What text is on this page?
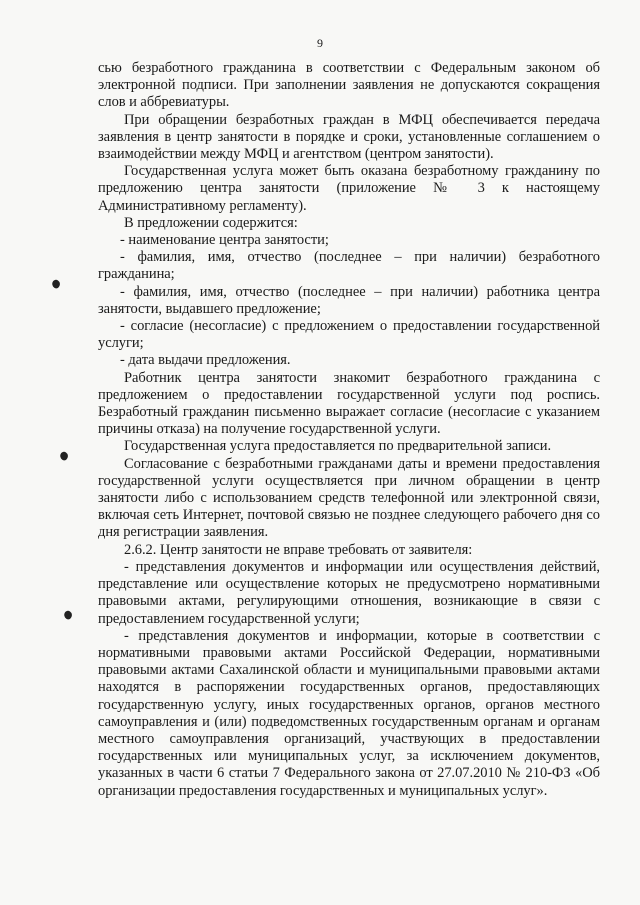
9

сью безработного гражданина в соответствии с Федеральным законом об электронной подписи. При заполнении заявления не допускаются сокращения слов и аббревиатуры.

При обращении безработных граждан в МФЦ обеспечивается передача заявления в центр занятости в порядке и сроки, установленные соглашением о взаимодействии между МФЦ и агентством (центром занятости).

Государственная услуга может быть оказана безработному гражданину по предложению центра занятости (приложение № 3 к настоящему Административному регламенту).

В предложении содержится:

- наименование центра занятости;

- фамилия, имя, отчество (последнее – при наличии) безработного гражданина;

- фамилия, имя, отчество (последнее – при наличии) работника центра занятости, выдавшего предложение;

- согласие (несогласие) с предложением о предоставлении государственной услуги;

- дата выдачи предложения.

Работник центра занятости знакомит безработного гражданина с предложением о предоставлении государственной услуги под роспись. Безработный гражданин письменно выражает согласие (несогласие с указанием причины отказа) на получение государственной услуги.

Государственная услуга предоставляется по предварительной записи.

Согласование с безработными гражданами даты и времени предоставления государственной услуги осуществляется при личном обращении в центр занятости либо с использованием средств телефонной или электронной связи, включая сеть Интернет, почтовой связью не позднее следующего рабочего дня со дня регистрации заявления.

2.6.2. Центр занятости не вправе требовать от заявителя:

- представления документов и информации или осуществления действий, представление или осуществление которых не предусмотрено нормативными правовыми актами, регулирующими отношения, возникающие в связи с предоставлением государственной услуги;

- представления документов и информации, которые в соответствии с нормативными правовыми актами Российской Федерации, нормативными правовыми актами Сахалинской области и муниципальными правовыми актами находятся в распоряжении государственных органов, предоставляющих государственную услугу, иных государственных органов, органов местного самоуправления и (или) подведомственных государственным органам и органам местного самоуправления организаций, участвующих в предоставлении государственных или муниципальных услуг, за исключением документов, указанных в части 6 статьи 7 Федерального закона от 27.07.2010 № 210-ФЗ «Об организации предоставления государственных и муниципальных услуг».
